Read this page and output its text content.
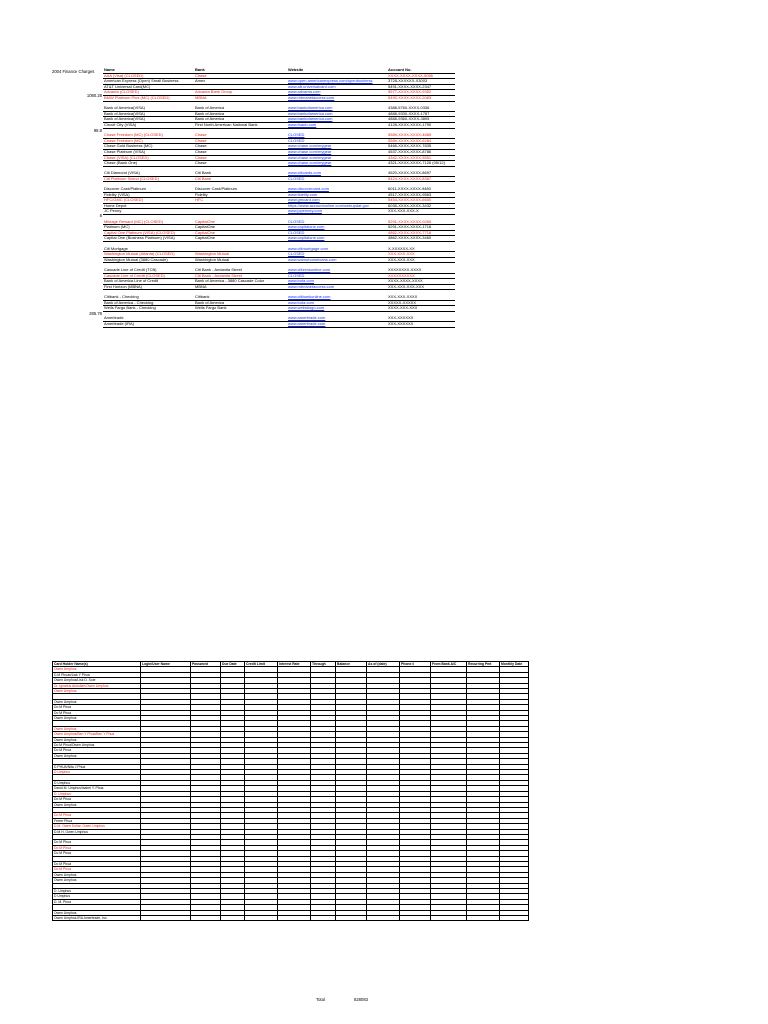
2004 Finance Charges
1080.28
98.8
8
285.78
Name	Bank	Website	Account No.
AAA (Visa) (CLOSED)	Chase		XXXX-XXXX-XXXX-9056
American Express (Open) Small Business	Amex	www.open.americanexpress.com/openbusiness	3728-XXXXXX-X3003
AT&T Universal Card(MC)		www.att.universalcard.com	5491-XXXX-XXXX-2347
Advanta (CLOSED)	Advanta Bank Group	www.advanta.com	5577-XXXX-XXXX-9352
BMW Platinum Plus (MC) (CLOSED)	MBNA	www.mbnanetaccess.com	5490-XXXX-XXXX-2083

Bank of America(VISA)	Bank of America	www.bankofamerica.com	4388-5760-XXXX-0336
Bank of America(VISA)	Bank of America	www.bankofamerica.com	4888-9330-XXXX-1787
Bank of America(VISA)	Bank of America	www.bankofamerica.com	4888-9360-XXXX-3895
Circuit City (VISA)	First North American National Bank	www.fnanb.com	4128-XXXX-XXXX-1790

Chase Freedom (MC) (CLOSED)	Chase	CLOSED	5589-XXXX-XXXX-4689
Chase Freedom (MC)	Chase	CLOSED	5589-XXXX-XXXX-6284
Chase Gold Business (MC)	Chase	www.chase.com/mygear	5466-XXXX-XXXX-7835
Chase Platinum (VISA)	Chase	www.chase.com/mygear	4537-XXXX-XXXX-8786
Chase (VISA) (CLOSED)	Chase	www.chase.com/mygear	4342-XXXX-XXXX-5551
Chase (Bank One)	Chase	www.chase.com/mygear	4321-XXXX-XXXX-7126 (05/12)

Citi Diamond (VISA)	Citi Bank	www.citicards.com	4520-XXXX-XXXX-8697
Citi Platinum Select (CLOSED)	Citi Bank	CLOSED	5424-XXXX-XXXX-8367

Discover Card/Platinum	Discover Card/Platinum	www.discovercard.com	6011-XXXX-XXXX-9480
Fidelity (VISA)	Fidelity	www.fidelity.com	4517-XXXX-XXXX-9563
HFC/GMC (CLOSED)	HFC	www.gmcard.com	5454-XXXX-XXXX-6650
Home Depot		https://www.accountonline.com/webupdat.gov	6035-XXXX-XXXX-3432
JC Penny		www.jcpenney.com	XXX-XXX-XXX-X

Mileage Reward (MC) (CLOSED)	CapitalOne	CLOSED	5291-XXXX-XXXX-0265
Platinum (MC)	CapitalOne	www.capitalone.com	5291-XXXX-XXXX-1716
Capital One Platinum (VISA) (CLOSED)	CapitalOne	CLOSED	4862-XXXX-XXXX-7716
Capital One (Business Platinum) (VISA)	CapitalOne	www.capitalone.com	4862-XXXX-XXXX-3460

Citi Mortgage		www.citimortgage.com	X-XXXXXX-XX
Washington Mutual (Atlanta) (CLOSED)	Washington Mutual	CLOSED	XXX-XXX-XXX
Washington Mutual (3880 Cascade)	Washington Mutual	www.wamuhomeloans.com	XXX-XXX-XXX

Cascade Line of Credit (TCB)	Citi Bank - Andantia Street	www.citizensonline.com	XXXXXXXX-XXXX
Cascade Line of Credit (CLOSED)	Citi Bank - Andantia Street	CLOSED	XXXXXXXXXX
Bank of America Line of Credit	Bank of America - 3880 Cascade Color	www.bofa.com	XXXX-XXXX-XXXX
First Horizon (MBNA)	MBNA	www.mbnanetaccess.com	XXX-XXX-XXX-XXX

Citibank - Checking	Citibank	www.citibankonline.com	XXX-XXX-XXXX
Bank of America - Checking	Bank of America	www.bofa.com	XXXXX-XXXXX
Wells Fargo Bank - Checking	Wells Fargo Bank	www.wellsfargo.com	XXXX-XXX-XXX

Ameritrade		www.ameritrade.com	XXX-XXXXXX
Ameritrade (IRA)		www.ameritrade.com	XXX-XXXXXX
Card Holder Name(s)	Login/User Name	Password	Due Date	Credit Limit	Interest Rate	Through	Balance	As of (date)	Phone #	From Bank A/C	Recurring Pmt	Monthly Date
Owen Umphus												
D.M Phuas/Lisk Y Phua												
Owen Umphus/Lisk D. Sole												
Dr. Ignatius Abdullah/Owen Umphus												
Owen Umphus												

Owen Umphus												
Do M Phua												
Do M Phua												
Owen Umphus												

Owen Umphus												
Owen Umphus/Ben Y Phua/Ben Y Phua												
Owen Umphus												
Do M Phua/Owen Umphus												
Do M Phua												
Owen Umphus												

D PHUA/Nita J Phua												
D Umphus												

D Umphus												
David M. Umphus/Isabel Y. Phua												
D. Umphus												
Do M Phua												
Owen Umphus												

Do M Phua												
Ferrer Phua												
D.M. Owen Dollar, Owen Umphus												
D.M.H, Owen Umphus												

Do M Phua												
Do M Phua												
Do M Phua												

Do M Phua												
Do M Phua												
Owen Umphus												
Owen Umphus												

D. Umphus												
D Umphus												
D. M. Phua												

Owen Umphus												
Owen Umphus IRA Ameritrade, Inc.												
Total	828083
